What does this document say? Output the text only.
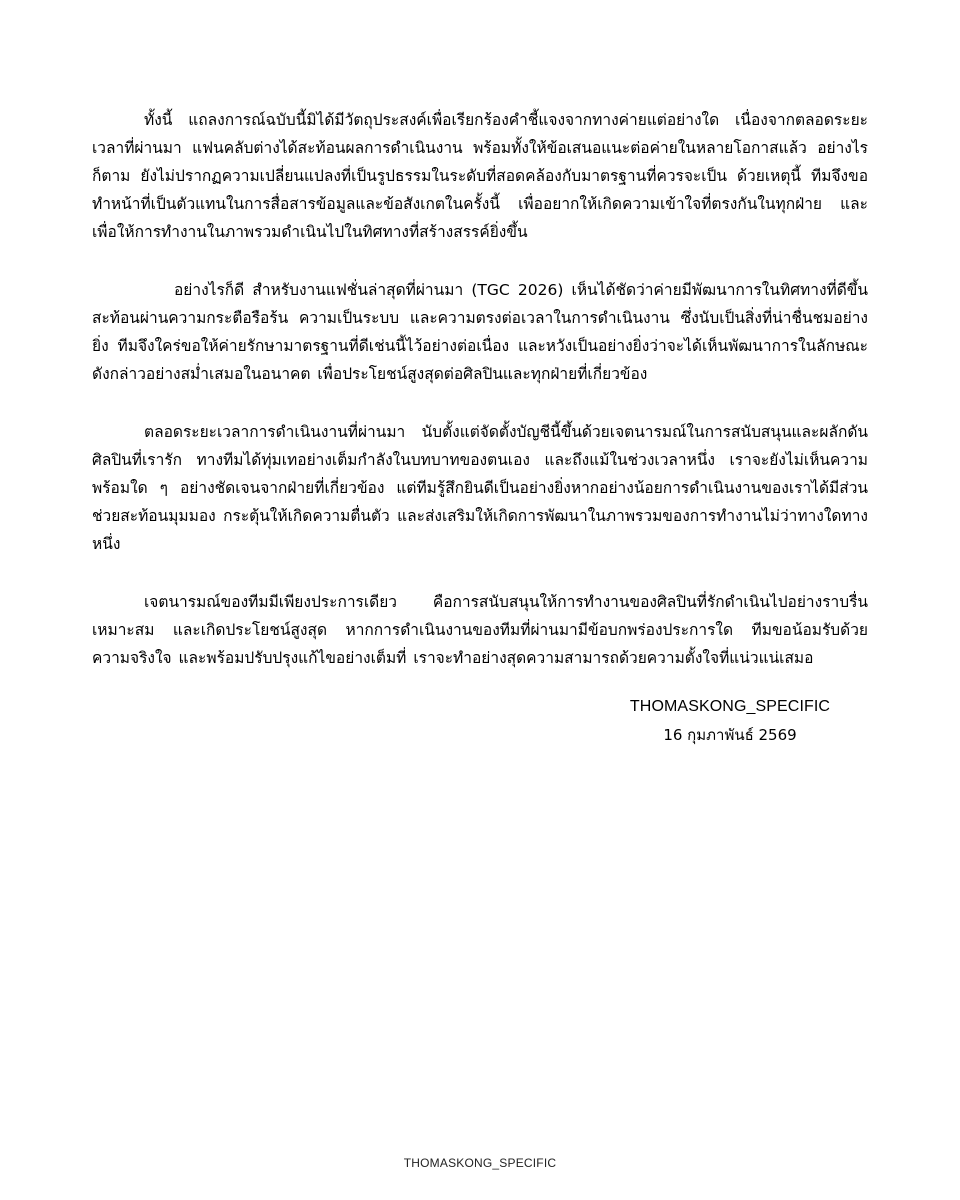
ทั้งนี้ แถลงการณ์ฉบับนี้มิได้มีวัตถุประสงค์เพื่อเรียกร้องคำชี้แจงจากทางค่ายแต่อย่างใด เนื่องจากตลอดระยะเวลาที่ผ่านมา แฟนคลับต่างได้สะท้อนผลการดำเนินงาน พร้อมทั้งให้ข้อเสนอแนะต่อค่ายในหลายโอกาสแล้ว อย่างไรก็ตาม ยังไม่ปรากฏความเปลี่ยนแปลงที่เป็นรูปธรรมในระดับที่สอดคล้องกับมาตรฐานที่ควรจะเป็น ด้วยเหตุนี้ ทีมจึงขอทำหน้าที่เป็นตัวแทนในการสื่อสารข้อมูลและข้อสังเกตในครั้งนี้ เพื่ออยากให้เกิดความเข้าใจที่ตรงกันในทุกฝ่าย และเพื่อให้การทำงานในภาพรวมดำเนินไปในทิศทางที่สร้างสรรค์ยิ่งขึ้น

อย่างไรก็ดี สำหรับงานแฟชั่นล่าสุดที่ผ่านมา (TGC 2026) เห็นได้ชัดว่าค่ายมีพัฒนาการในทิศทางที่ดีขึ้น สะท้อนผ่านความกระตือรือร้น ความเป็นระบบ และความตรงต่อเวลาในการดำเนินงาน ซึ่งนับเป็นสิ่งที่น่าชื่นชมอย่างยิ่ง ทีมจึงใคร่ขอให้ค่ายรักษามาตรฐานที่ดีเช่นนี้ไว้อย่างต่อเนื่อง และหวังเป็นอย่างยิ่งว่าจะได้เห็นพัฒนาการในลักษณะดังกล่าวอย่างสม่ำเสมอในอนาคต เพื่อประโยชน์สูงสุดต่อศิลปินและทุกฝ่ายที่เกี่ยวข้อง

ตลอดระยะเวลาการดำเนินงานที่ผ่านมา นับตั้งแต่จัดตั้งบัญชีนี้ขึ้นด้วยเจตนารมณ์ในการสนับสนุนและผลักดันศิลปินที่เรารัก ทางทีมได้ทุ่มเทอย่างเต็มกำลังในบทบาทของตนเอง และถึงแม้ในช่วงเวลาหนึ่ง เราจะยังไม่เห็นความพร้อมใด ๆ อย่างชัดเจนจากฝ่ายที่เกี่ยวข้อง แต่ทีมรู้สึกยินดีเป็นอย่างยิ่งหากอย่างน้อยการดำเนินงานของเราได้มีส่วนช่วยสะท้อนมุมมอง กระตุ้นให้เกิดความตื่นตัว และส่งเสริมให้เกิดการพัฒนาในภาพรวมของการทำงานไม่ว่าทางใดทางหนึ่ง

เจตนารมณ์ของทีมมีเพียงประการเดียว คือการสนับสนุนให้การทำงานของศิลปินที่รักดำเนินไปอย่างราบรื่น เหมาะสม และเกิดประโยชน์สูงสุด หากการดำเนินงานของทีมที่ผ่านมามีข้อบกพร่องประการใด ทีมขอน้อมรับด้วยความจริงใจ และพร้อมปรับปรุงแก้ไขอย่างเต็มที่ เราจะทำอย่างสุดความสามารถด้วยความตั้งใจที่แน่วแน่เสมอ

THOMASKONG_SPECIFIC
16 กุมภาพันธ์ 2569
THOMASKONG_SPECIFIC
